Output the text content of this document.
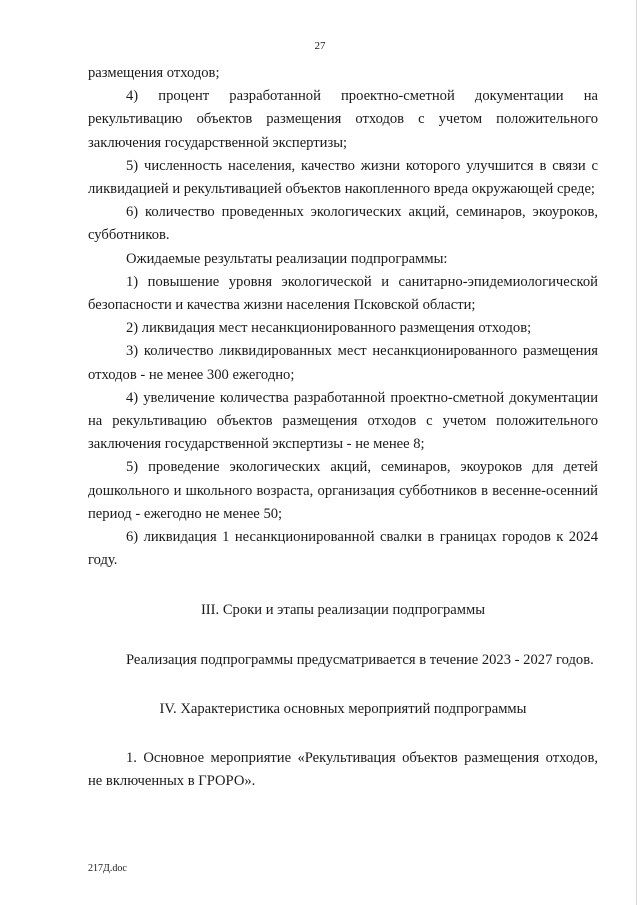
27

размещения отходов;

4) процент разработанной проектно-сметной документации на рекультивацию объектов размещения отходов с учетом положительного заключения государственной экспертизы;

5) численность населения, качество жизни которого улучшится в связи с ликвидацией и рекультивацией объектов накопленного вреда окружающей среде;

6) количество проведенных экологических акций, семинаров, экоуроков, субботников.

Ожидаемые результаты реализации подпрограммы:

1) повышение уровня экологической и санитарно-эпидемиологической безопасности и качества жизни населения Псковской области;

2) ликвидация мест несанкционированного размещения отходов;

3) количество ликвидированных мест несанкционированного размещения отходов - не менее 300 ежегодно;

4) увеличение количества разработанной проектно-сметной документации на рекультивацию объектов размещения отходов с учетом положительного заключения государственной экспертизы - не менее 8;

5) проведение экологических акций, семинаров, экоуроков для детей дошкольного и школьного возраста, организация субботников в весенне-осенний период - ежегодно не менее 50;

6) ликвидация 1 несанкционированной свалки в границах городов к 2024 году.

III. Сроки и этапы реализации подпрограммы

Реализация подпрограммы предусматривается в течение 2023 - 2027 годов.

IV. Характеристика основных мероприятий подпрограммы

1. Основное мероприятие «Рекультивация объектов размещения отходов, не включенных в ГРОРО».

217Д.doc
